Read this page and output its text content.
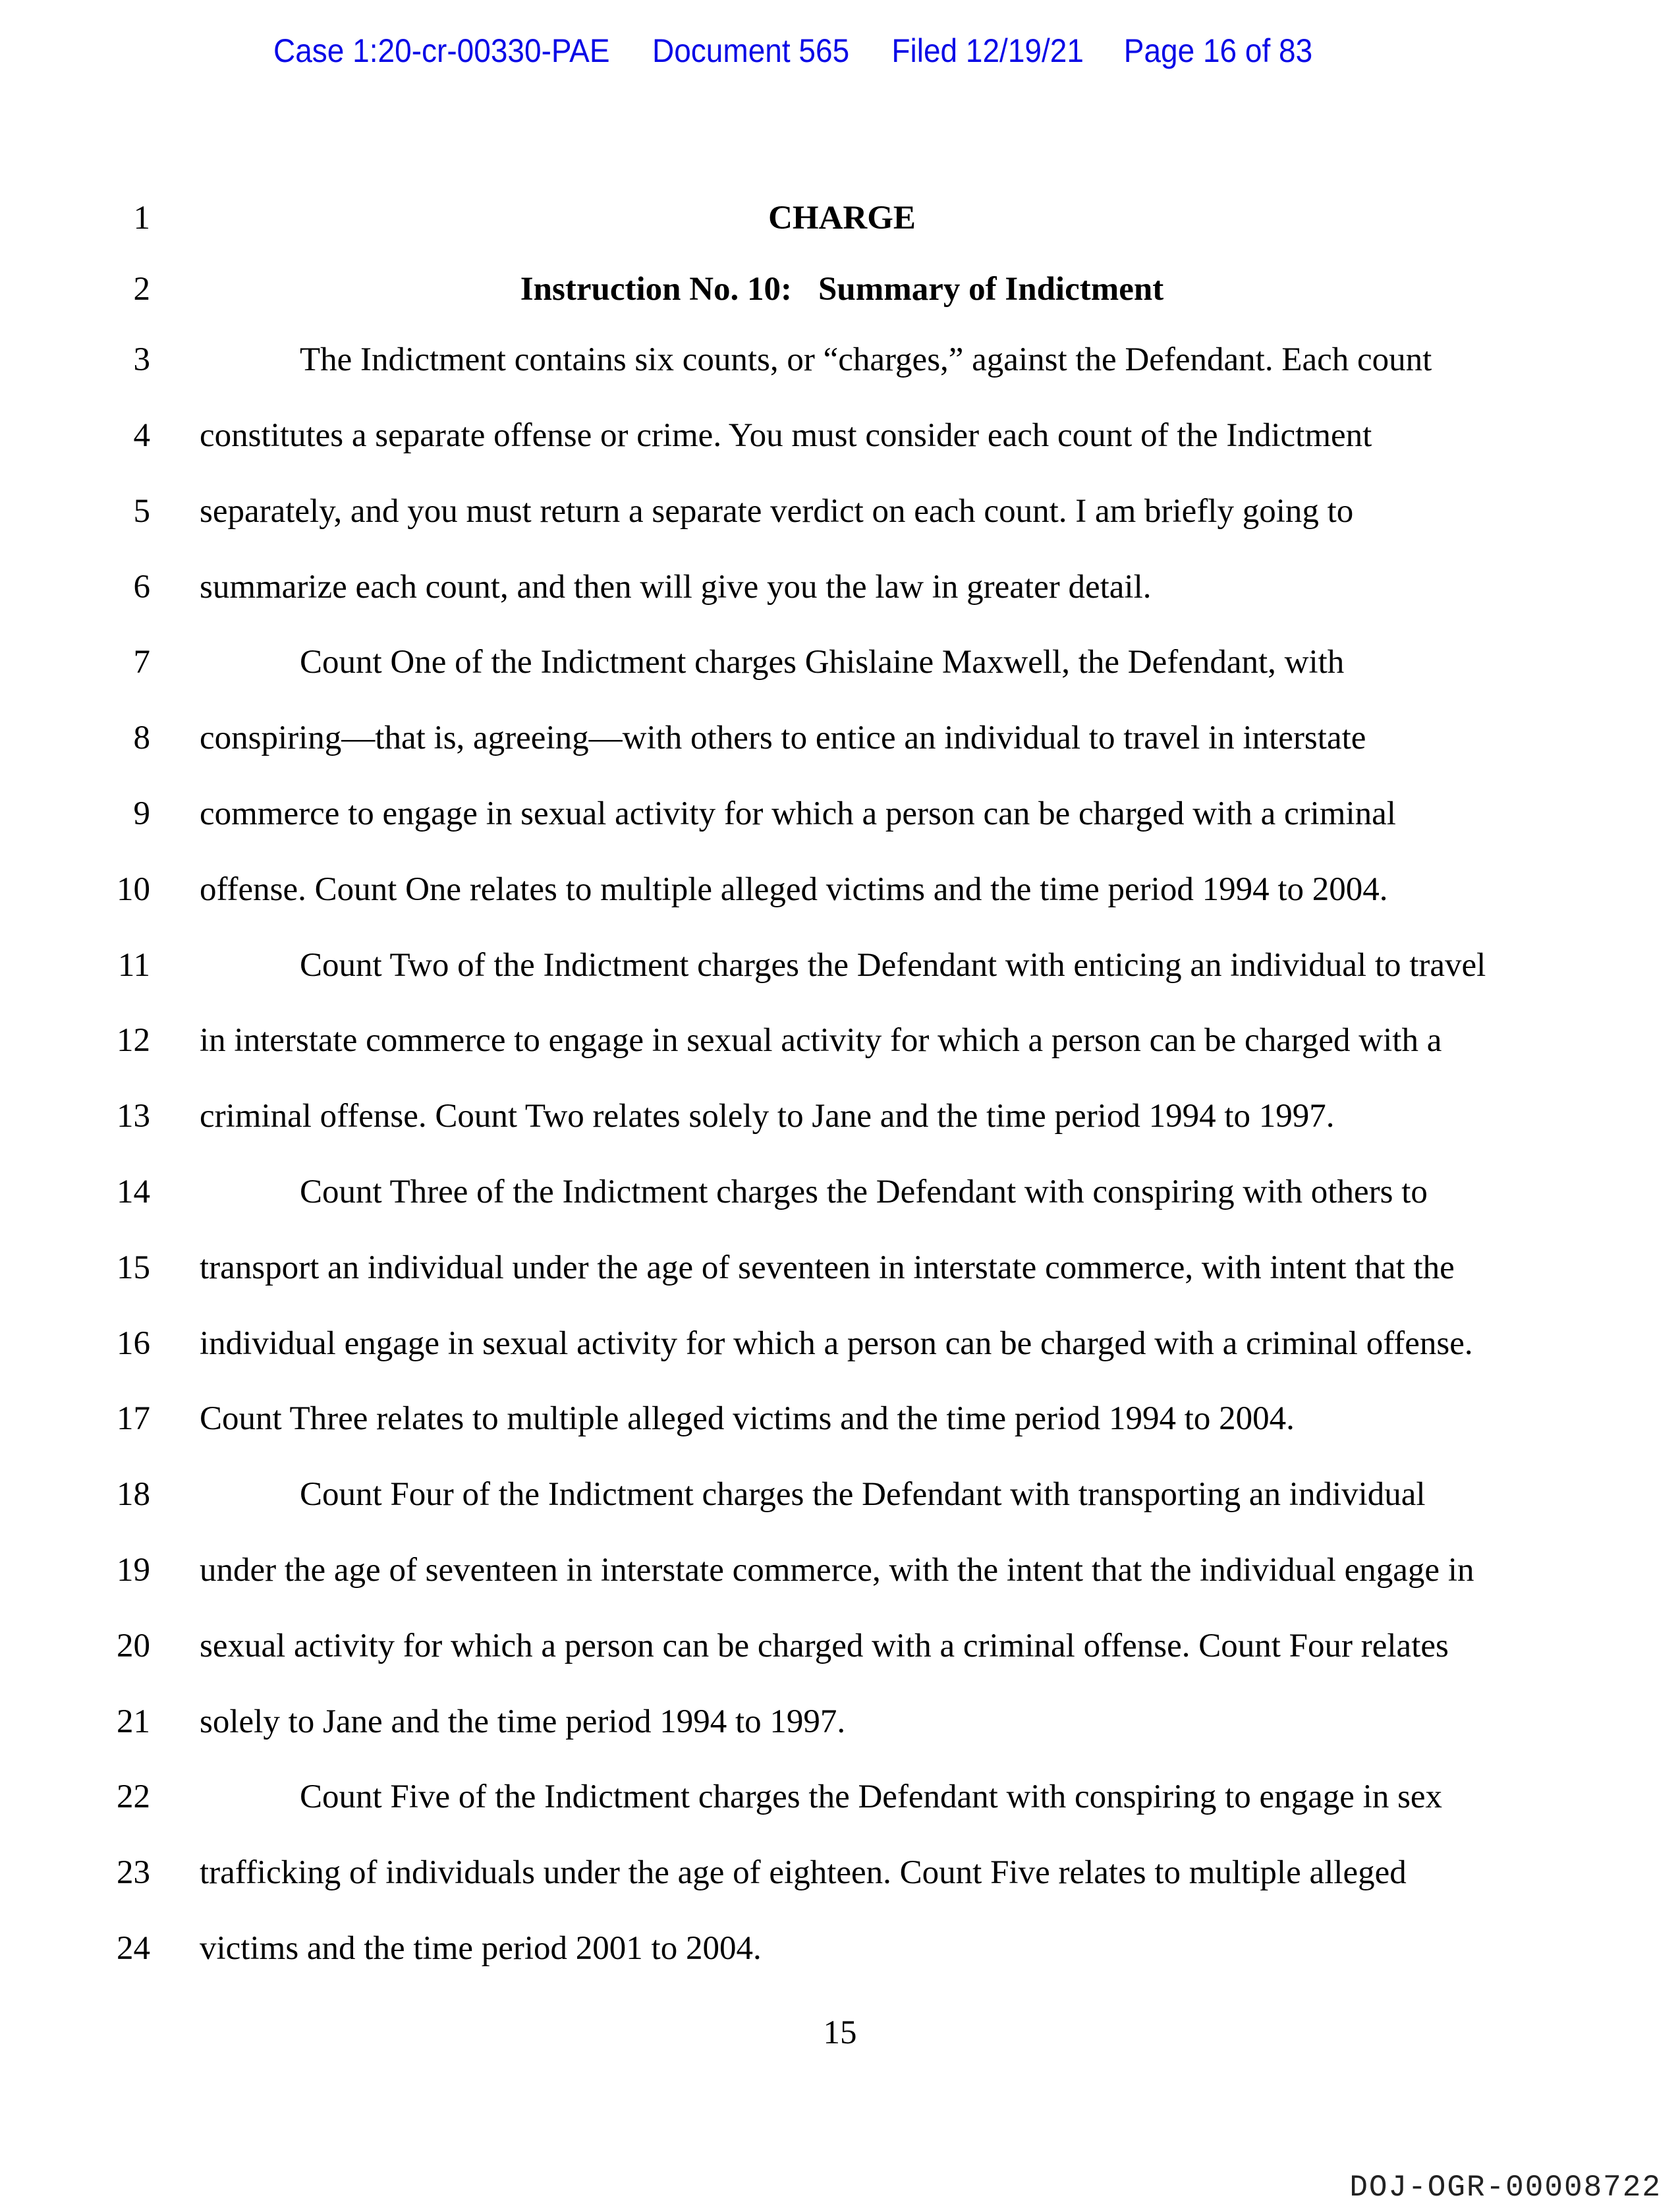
Case 1:20-cr-00330-PAE Document 565 Filed 12/19/21 Page 16 of 83
1	CHARGE
2	Instruction No. 10: Summary of Indictment
3	The Indictment contains six counts, or “charges,” against the Defendant. Each count
4 constitutes a separate offense or crime. You must consider each count of the Indictment
5 separately, and you must return a separate verdict on each count. I am briefly going to
6 summarize each count, and then will give you the law in greater detail.
7	Count One of the Indictment charges Ghislaine Maxwell, the Defendant, with
8 conspiring—that is, agreeing—with others to entice an individual to travel in interstate
9 commerce to engage in sexual activity for which a person can be charged with a criminal
10 offense. Count One relates to multiple alleged victims and the time period 1994 to 2004.
11	Count Two of the Indictment charges the Defendant with enticing an individual to travel
12 in interstate commerce to engage in sexual activity for which a person can be charged with a
13 criminal offense. Count Two relates solely to Jane and the time period 1994 to 1997.
14	Count Three of the Indictment charges the Defendant with conspiring with others to
15 transport an individual under the age of seventeen in interstate commerce, with intent that the
16 individual engage in sexual activity for which a person can be charged with a criminal offense.
17 Count Three relates to multiple alleged victims and the time period 1994 to 2004.
18	Count Four of the Indictment charges the Defendant with transporting an individual
19 under the age of seventeen in interstate commerce, with the intent that the individual engage in
20 sexual activity for which a person can be charged with a criminal offense. Count Four relates
21 solely to Jane and the time period 1994 to 1997.
22	Count Five of the Indictment charges the Defendant with conspiring to engage in sex
23 trafficking of individuals under the age of eighteen. Count Five relates to multiple alleged
24 victims and the time period 2001 to 2004.
15
DOJ-OGR-00008722
